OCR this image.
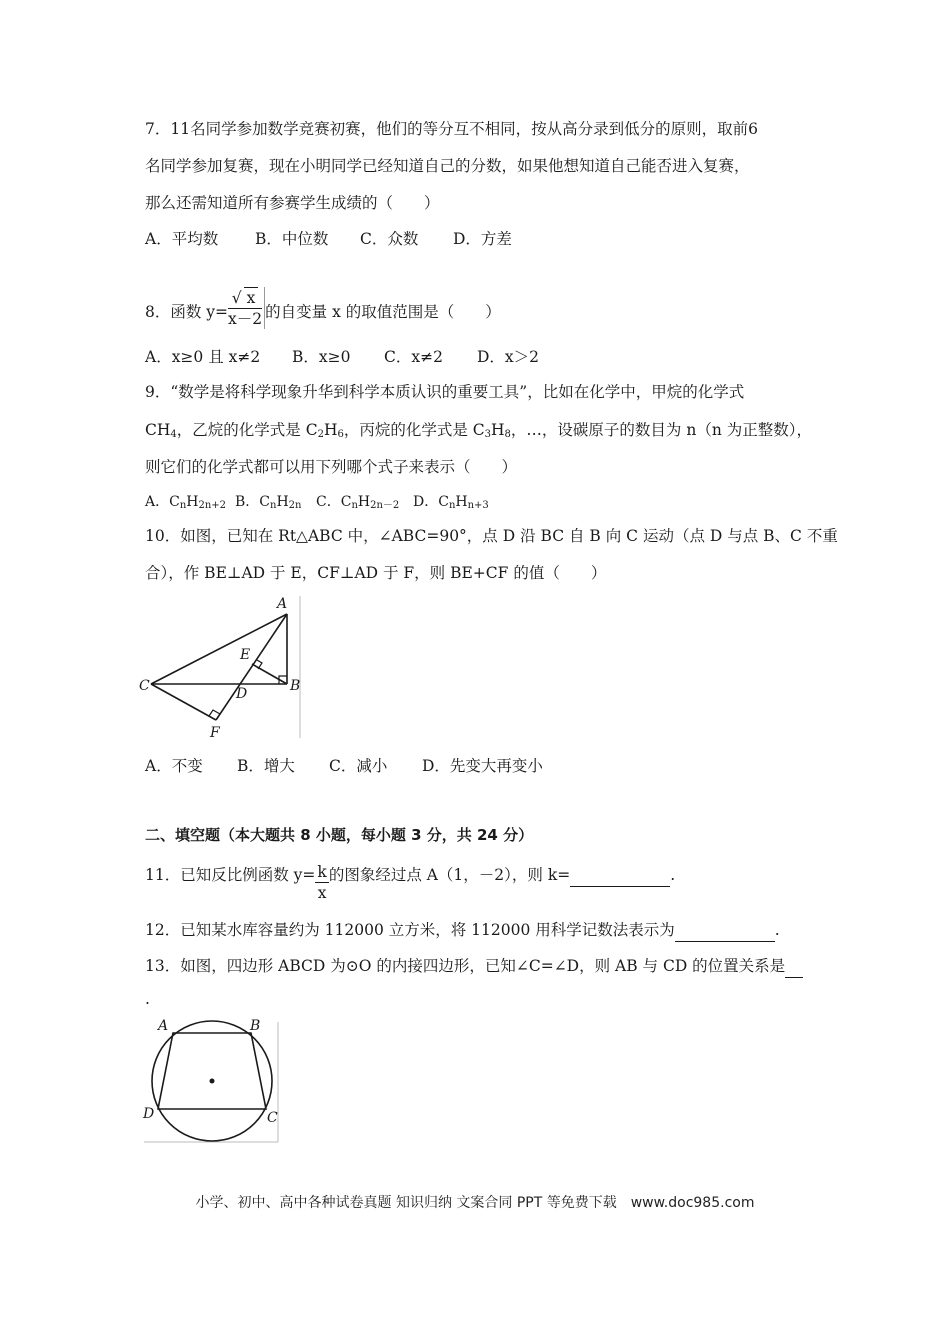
7．11名同学参加数学竞赛初赛，他们的等分互不相同，按从高分录到低分的原则，取前6
名同学参加复赛，现在小明同学已经知道自己的分数，如果他想知道自己能否进入复赛，
那么还需知道所有参赛学生成绩的（　　）
A．平均数 B．中位数 C．众数 D．方差
8．函数 $y= \frac{√ x}{x-2}$ 的自变量 x 的取值范围是（　　）
A．x≥0 且 x≠2 B．x≥0 C．x≠2 D．x＞2
9．“数学是将科学现象升华到科学本质认识的重要工具”，比如在化学中，甲烷的化学式
$CH_4$，乙烷的化学式是 $C_2H_6$，丙烷的化学式是 $C_3H_8$，…，设碳原子的数目为 n（n 为正整数），
则它们的化学式都可以用下列哪个式子来表示（　　）
A．$C_nH_{2n+2}$ B．$C_nH_{2n}$ C．$C_nH_{2n-2}$ D．$C_nH_{n+3}$
10．如图，已知在 Rt△ABC 中，∠ABC=90°，点 D 沿 BC 自 B 向 C 运动（点 D 与点 B、C 不重
合），作 BE⊥AD 于 E，CF⊥AD 于 F，则 BE+CF 的值（　　）
A
B
C	D
E
F
A．不变 B．增大 C．减小 D．先变大再变小
二、填空题（本大题共 8 小题，每小题 3 分，共 24 分）
11．已知反比例函数 $y= \frac{k}{x}$ 的图象经过点 A（1，－2），则 k=	.
12．已知某水库容量约为 112000 立方米，将 112000 用科学记数法表示为	.
13．如图，四边形 ABCD 为⊙O 的内接四边形，已知∠C=∠D，则 AB 与 CD 的位置关系是
.
A	B
C
D
小学、初中、高中各种试卷真题 知识归纳 文案合同 PPT 等免费下载　www.doc985.com
